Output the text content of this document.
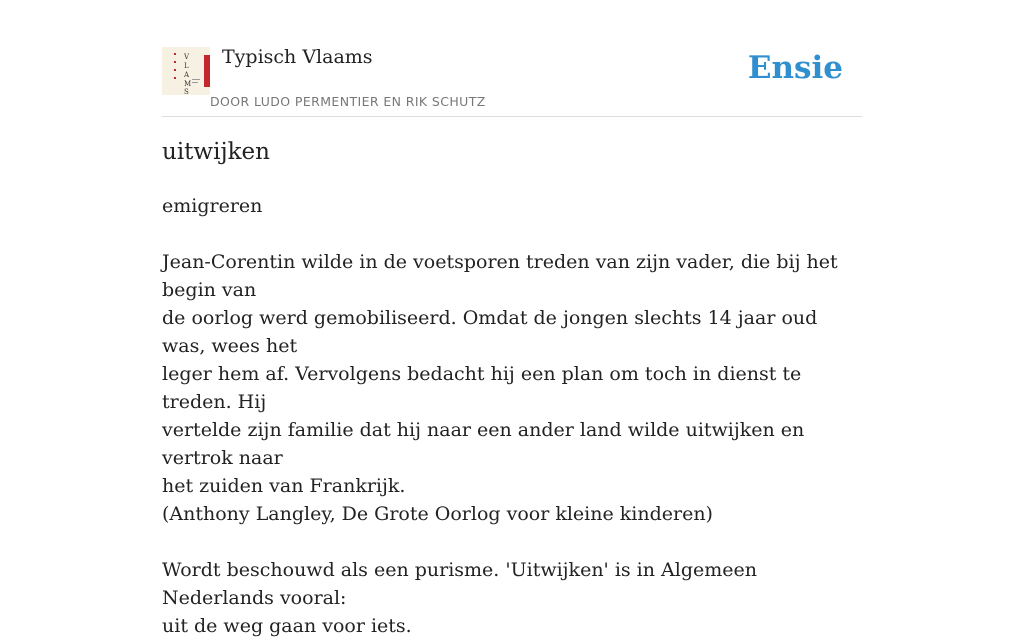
V
L
A
M
S
Typisch Vlaams
DOOR LUDO PERMENTIER EN RIK SCHUTZ
Ensie
uitwijken

emigreren

Jean-Corentin wilde in de voetsporen treden van zijn vader, die bij het begin van

de oorlog werd gemobiliseerd. Omdat de jongen slechts 14 jaar oud was, wees het

leger hem af. Vervolgens bedacht hij een plan om toch in dienst te treden. Hij

vertelde zijn familie dat hij naar een ander land wilde uitwijken en vertrok naar

het zuiden van Frankrijk.

(Anthony Langley, De Grote Oorlog voor kleine kinderen)

Wordt beschouwd als een purisme. 'Uitwijken' is in Algemeen Nederlands vooral:

uit de weg gaan voor iets.
